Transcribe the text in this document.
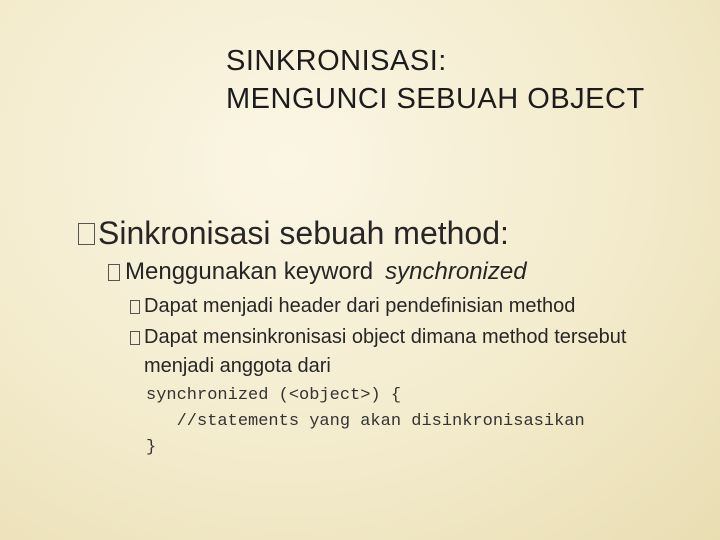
SINKRONISASI:
MENGUNCI SEBUAH OBJECT
Sinkronisasi sebuah method:
Menggunakan keyword synchronized
Dapat menjadi header dari pendefinisian method
Dapat mensinkronisasi object dimana method tersebut
menjadi anggota dari
synchronized (<object>) {
//statements yang akan disinkronisasikan
}
